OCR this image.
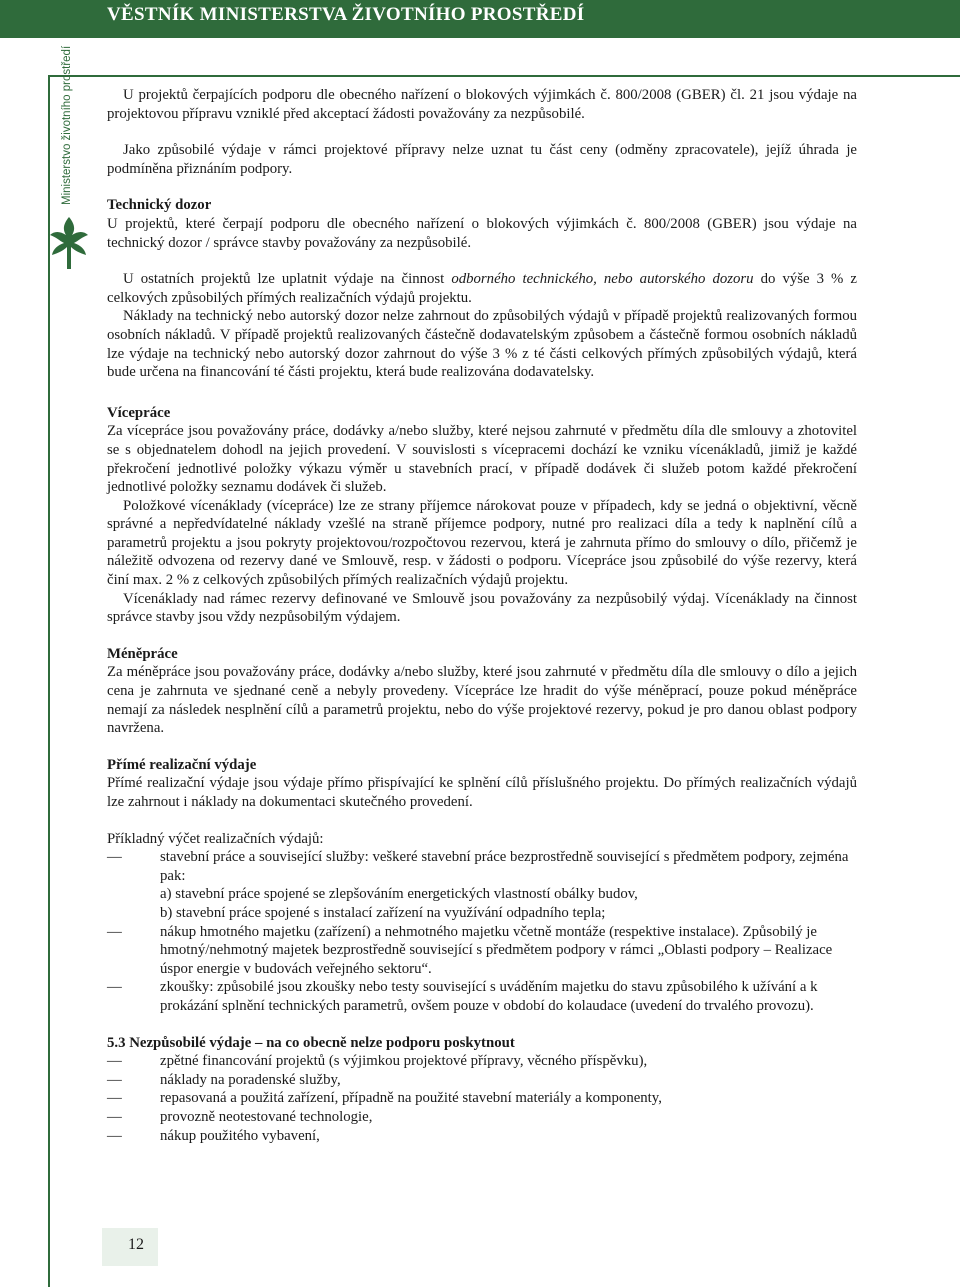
VĚSTNÍK MINISTERSTVA ŽIVOTNÍHO PROSTŘEDÍ
Ministerstvo životního prostředí	U projektů čerpajících podporu dle obecného nařízení o blokových výjimkách č. 800/2008 (GBER) čl. 21 jsou výdaje na projektovou přípravu vzniklé před akceptací žádosti považovány za nezpůsobilé.

Jako způsobilé výdaje v rámci projektové přípravy nelze uznat tu část ceny (odměny zpracovatele), jejíž úhrada je podmíněna přiznáním podpory.

Technický dozor

U projektů, které čerpají podporu dle obecného nařízení o blokových výjimkách č. 800/2008 (GBER) jsou výdaje na technický dozor / správce stavby považovány za nezpůsobilé.

U ostatních projektů lze uplatnit výdaje na činnost odborného technického, nebo autorského dozoru do výše 3 % z celkových způsobilých přímých realizačních výdajů projektu.

Náklady na technický nebo autorský dozor nelze zahrnout do způsobilých výdajů v případě projektů realizovaných formou osobních nákladů. V případě projektů realizovaných částečně dodavatelským způsobem a částečně formou osobních nákladů lze výdaje na technický nebo autorský dozor zahrnout do výše 3 % z té části celkových přímých způsobilých výdajů, která bude určena na financování té části projektu, která bude realizována dodavatelsky.

Vícepráce

Za vícepráce jsou považovány práce, dodávky a/nebo služby, které nejsou zahrnuté v předmětu díla dle smlouvy a zhotovitel se s objednatelem dohodl na jejich provedení. V souvislosti s vícepracemi dochází ke vzniku vícenákladů, jimiž je každé překročení jednotlivé položky výkazu výměr u stavebních prací, v případě dodávek či služeb potom každé překročení jednotlivé položky seznamu dodávek či služeb.

Položkové vícenáklady (vícepráce) lze ze strany příjemce nárokovat pouze v případech, kdy se jedná o objektivní, věcně správné a nepředvídatelné náklady vzešlé na straně příjemce podpory, nutné pro realizaci díla a tedy k naplnění cílů a parametrů projektu a jsou pokryty projektovou/rozpočtovou rezervou, která je zahrnuta přímo do smlouvy o dílo, přičemž je náležitě odvozena od rezervy dané ve Smlouvě, resp. v žádosti o podporu. Vícepráce jsou způsobilé do výše rezervy, která činí max. 2 % z celkových způsobilých přímých realizačních výdajů projektu.

Vícenáklady nad rámec rezervy definované ve Smlouvě jsou považovány za nezpůsobilý výdaj. Vícenáklady na činnost správce stavby jsou vždy nezpůsobilým výdajem.

Méněpráce

Za méněpráce jsou považovány práce, dodávky a/nebo služby, které jsou zahrnuté v předmětu díla dle smlouvy o dílo a jejich cena je zahrnuta ve sjednané ceně a nebyly provedeny. Vícepráce lze hradit do výše méněprací, pouze pokud méněpráce nemají za následek nesplnění cílů a parametrů projektu, nebo do výše projektové rezervy, pokud je pro danou oblast podpory navržena.

Přímé realizační výdaje

Přímé realizační výdaje jsou výdaje přímo přispívající ke splnění cílů příslušného projektu. Do přímých realizačních výdajů lze zahrnout i náklady na dokumentaci skutečného provedení.

Příkladný výčet realizačních výdajů:

—	stavební práce a související služby: veškeré stavební práce bezprostředně související s předmětem podpory, zejména pak:
a) stavební práce spojené se zlepšováním energetických vlastností obálky budov,
b) stavební práce spojené s instalací zařízení na využívání odpadního tepla;
—	nákup hmotného majetku (zařízení) a nehmotného majetku včetně montáže (respektive instalace). Způsobilý je hmotný/nehmotný majetek bezprostředně související s předmětem podpory v rámci „Oblasti podpory – Realizace úspor energie v budovách veřejného sektoru“.
—	zkoušky: způsobilé jsou zkoušky nebo testy související s uváděním majetku do stavu způsobilého k užívání a k prokázání splnění technických parametrů, ovšem pouze v období do kolaudace (uvedení do trvalého provozu).

5.3 Nezpůsobilé výdaje – na co obecně nelze podporu poskytnout

—	zpětné financování projektů (s výjimkou projektové přípravy, věcného příspěvku),
—	náklady na poradenské služby,
—	repasovaná a použitá zařízení, případně na použité stavební materiály a komponenty,
—	provozně neotestované technologie,
—	nákup použitého vybavení,
12
